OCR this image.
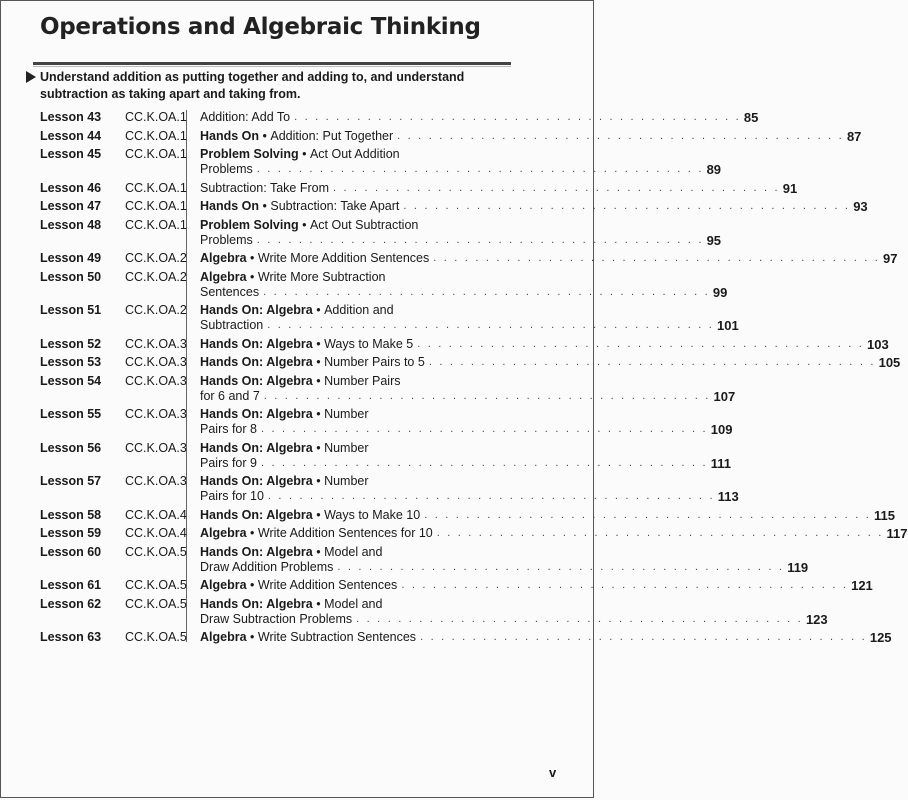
Operations and Algebraic Thinking
Understand addition as putting together and adding to, and understand subtraction as taking apart and taking from.
Lesson 43 CC.K.OA.1 Addition: Add To . . . . . . . . . . . . . . . . . . . . . . . . . . . . . . . . . . . . . . . . . . . 85
Lesson 44 CC.K.OA.1 Hands On • Addition: Put Together . . . . . . . . . . . . . . . . . . . . . . . . . . . . . . . . . . . . . . . . . . . 87
Lesson 45 CC.K.OA.1 Problem Solving • Act Out Addition
Problems . . . . . . . . . . . . . . . . . . . . . . . . . . . . . . . . . . . . . . . . . . . 89
Lesson 46 CC.K.OA.1 Subtraction: Take From . . . . . . . . . . . . . . . . . . . . . . . . . . . . . . . . . . . . . . . . . . . 91
Lesson 47 CC.K.OA.1 Hands On • Subtraction: Take Apart . . . . . . . . . . . . . . . . . . . . . . . . . . . . . . . . . . . . . . . . . . . 93
Lesson 48 CC.K.OA.1 Problem Solving • Act Out Subtraction
Problems . . . . . . . . . . . . . . . . . . . . . . . . . . . . . . . . . . . . . . . . . . . 95
Lesson 49 CC.K.OA.2 Algebra • Write More Addition Sentences . . . . . . . . . . . . . . . . . . . . . . . . . . . . . . . . . . . . . . . . . . . 97
Lesson 50 CC.K.OA.2 Algebra • Write More Subtraction
Sentences . . . . . . . . . . . . . . . . . . . . . . . . . . . . . . . . . . . . . . . . . . . 99
Lesson 51 CC.K.OA.2 Hands On: Algebra • Addition and
Subtraction . . . . . . . . . . . . . . . . . . . . . . . . . . . . . . . . . . . . . . . . . . . 101
Lesson 52 CC.K.OA.3 Hands On: Algebra • Ways to Make 5 . . . . . . . . . . . . . . . . . . . . . . . . . . . . . . . . . . . . . . . . . . . 103
Lesson 53 CC.K.OA.3 Hands On: Algebra • Number Pairs to 5 . . . . . . . . . . . . . . . . . . . . . . . . . . . . . . . . . . . . . . . . . . . 105
Lesson 54 CC.K.OA.3 Hands On: Algebra • Number Pairs
for 6 and 7 . . . . . . . . . . . . . . . . . . . . . . . . . . . . . . . . . . . . . . . . . . . 107
Lesson 55 CC.K.OA.3 Hands On: Algebra • Number
Pairs for 8 . . . . . . . . . . . . . . . . . . . . . . . . . . . . . . . . . . . . . . . . . . . 109
Lesson 56 CC.K.OA.3 Hands On: Algebra • Number
Pairs for 9 . . . . . . . . . . . . . . . . . . . . . . . . . . . . . . . . . . . . . . . . . . . 111
Lesson 57 CC.K.OA.3 Hands On: Algebra • Number
Pairs for 10 . . . . . . . . . . . . . . . . . . . . . . . . . . . . . . . . . . . . . . . . . . . 113
Lesson 58 CC.K.OA.4 Hands On: Algebra • Ways to Make 10 . . . . . . . . . . . . . . . . . . . . . . . . . . . . . . . . . . . . . . . . . . . 115
Lesson 59 CC.K.OA.4 Algebra • Write Addition Sentences for 10 . . . . . . . . . . . . . . . . . . . . . . . . . . . . . . . . . . . . . . . . . . . 117
Lesson 60 CC.K.OA.5 Hands On: Algebra • Model and
Draw Addition Problems . . . . . . . . . . . . . . . . . . . . . . . . . . . . . . . . . . . . . . . . . . . 119
Lesson 61 CC.K.OA.5 Algebra • Write Addition Sentences . . . . . . . . . . . . . . . . . . . . . . . . . . . . . . . . . . . . . . . . . . . 121
Lesson 62 CC.K.OA.5 Hands On: Algebra • Model and
Draw Subtraction Problems . . . . . . . . . . . . . . . . . . . . . . . . . . . . . . . . . . . . . . . . . . . 123
Lesson 63 CC.K.OA.5 Algebra • Write Subtraction Sentences . . . . . . . . . . . . . . . . . . . . . . . . . . . . . . . . . . . . . . . . . . . 125
v
